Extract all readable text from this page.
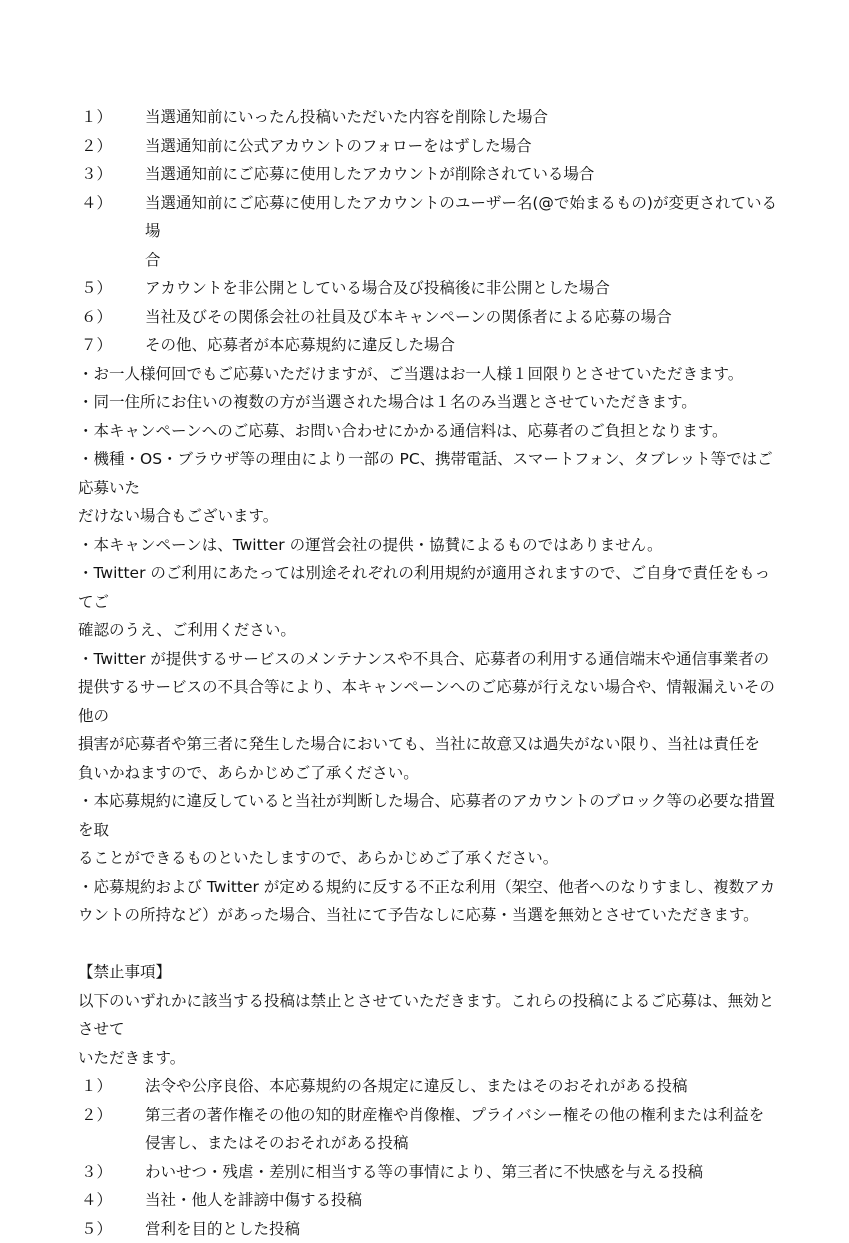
１）	当選通知前にいったん投稿いただいた内容を削除した場合
２）	当選通知前に公式アカウントのフォローをはずした場合
３）	当選通知前にご応募に使用したアカウントが削除されている場合
４）	当選通知前にご応募に使用したアカウントのユーザー名(@で始まるもの)が変更されている場
合
５）	アカウントを非公開としている場合及び投稿後に非公開とした場合
６）	当社及びその関係会社の社員及び本キャンペーンの関係者による応募の場合
７）	その他、応募者が本応募規約に違反した場合
・お一人様何回でもご応募いただけますが、ご当選はお一人様１回限りとさせていただきます。
・同一住所にお住いの複数の方が当選された場合は１名のみ当選とさせていただきます。
・本キャンペーンへのご応募、お問い合わせにかかる通信料は、応募者のご負担となります。
・機種・OS・ブラウザ等の理由により一部の PC、携帯電話、スマートフォン、タブレット等ではご応募いた
だけない場合もございます。
・本キャンペーンは、Twitter の運営会社の提供・協賛によるものではありません。
・Twitter のご利用にあたっては別途それぞれの利用規約が適用されますので、ご自身で責任をもってご
確認のうえ、ご利用ください。
・Twitter が提供するサービスのメンテナンスや不具合、応募者の利用する通信端末や通信事業者の
提供するサービスの不具合等により、本キャンペーンへのご応募が行えない場合や、情報漏えいその他の
損害が応募者や第三者に発生した場合においても、当社に故意又は過失がない限り、当社は責任を
負いかねますので、あらかじめご了承ください。
・本応募規約に違反していると当社が判断した場合、応募者のアカウントのブロック等の必要な措置を取
ることができるものといたしますので、あらかじめご了承ください。
・応募規約および Twitter が定める規約に反する不正な利用（架空、他者へのなりすまし、複数アカ
ウントの所持など）があった場合、当社にて予告なしに応募・当選を無効とさせていただきます。
【禁止事項】
以下のいずれかに該当する投稿は禁止とさせていただきます。これらの投稿によるご応募は、無効とさせて
いただきます。
１）	法令や公序良俗、本応募規約の各規定に違反し、またはそのおそれがある投稿
２）	第三者の著作権その他の知的財産権や肖像権、プライバシー権その他の権利または利益を
侵害し、またはそのおそれがある投稿
３）	わいせつ・残虐・差別に相当する等の事情により、第三者に不快感を与える投稿
４）	当社・他人を誹謗中傷する投稿
５）	営利を目的とした投稿
